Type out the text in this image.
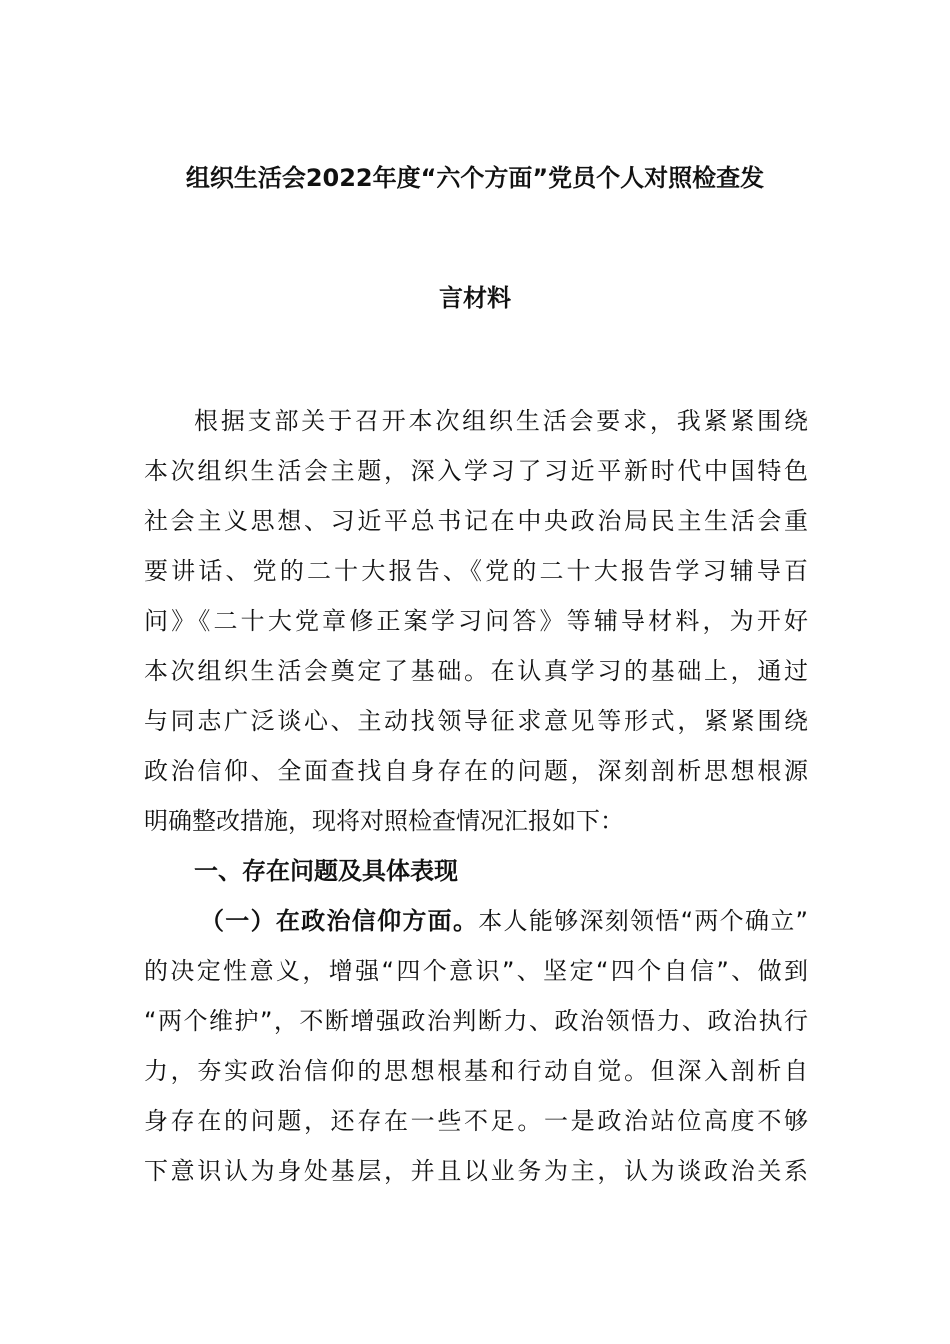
组织生活会2022年度“六个方面”党员个人对照检查发
言材料
根据支部关于召开本次组织生活会要求，我紧紧围绕
本次组织生活会主题，深入学习了习近平新时代中国特色
社会主义思想、习近平总书记在中央政治局民主生活会重
要讲话、党的二十大报告、《党的二十大报告学习辅导百
问》《二十大党章修正案学习问答》等辅导材料，为开好
本次组织生活会奠定了基础。在认真学习的基础上，通过
与同志广泛谈心、主动找领导征求意见等形式，紧紧围绕
政治信仰、全面查找自身存在的问题，深刻剖析思想根源
明确整改措施，现将对照检查情况汇报如下：
一、存在问题及具体表现
（一）在政治信仰方面。本人能够深刻领悟“两个确立”
的决定性意义，增强“四个意识”、坚定“四个自信”、做到
“两个维护”，不断增强政治判断力、政治领悟力、政治执行
力，夯实政治信仰的思想根基和行动自觉。但深入剖析自
身存在的问题，还存在一些不足。一是政治站位高度不够
下意识认为身处基层，并且以业务为主，认为谈政治关系
